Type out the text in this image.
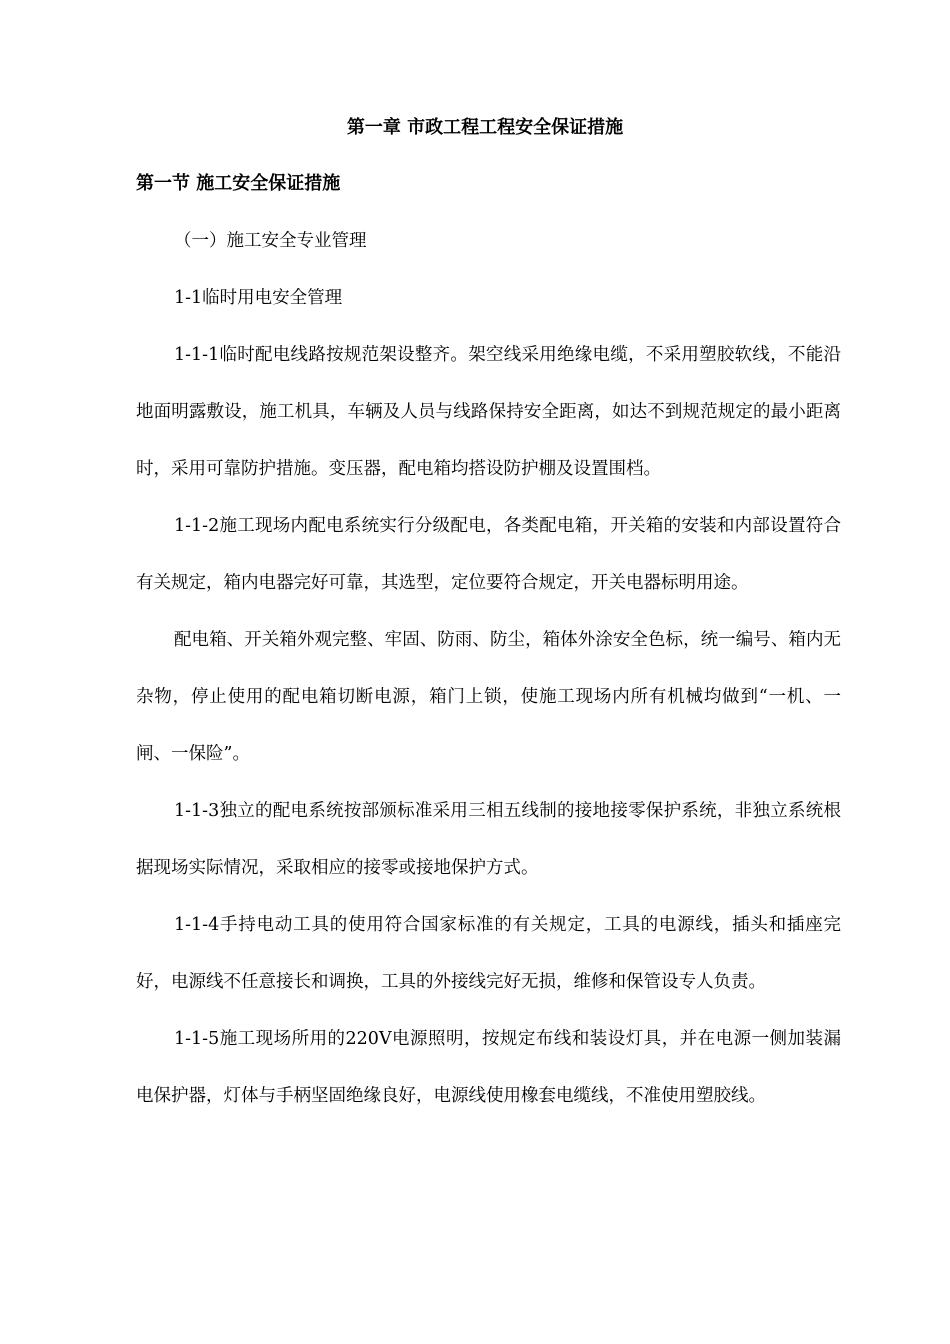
第一章 市政工程工程安全保证措施
第一节 施工安全保证措施

（一）施工安全专业管理

1-1临时用电安全管理

1-1-1临时配电线路按规范架设整齐。架空线采用绝缘电缆，不采用塑胶软线，不能沿地面明露敷设，施工机具，车辆及人员与线路保持安全距离，如达不到规范规定的最小距离时，采用可靠防护措施。变压器，配电箱均搭设防护棚及设置围档。

1-1-2施工现场内配电系统实行分级配电，各类配电箱，开关箱的安装和内部设置符合有关规定，箱内电器完好可靠，其选型，定位要符合规定，开关电器标明用途。

配电箱、开关箱外观完整、牢固、防雨、防尘，箱体外涂安全色标，统一编号、箱内无杂物，停止使用的配电箱切断电源，箱门上锁，使施工现场内所有机械均做到“一机、一闸、一保险”。

1-1-3独立的配电系统按部颁标准采用三相五线制的接地接零保护系统，非独立系统根据现场实际情况，采取相应的接零或接地保护方式。

1-1-4手持电动工具的使用符合国家标准的有关规定，工具的电源线，插头和插座完好，电源线不任意接长和调换，工具的外接线完好无损，维修和保管设专人负责。

1-1-5施工现场所用的220V电源照明，按规定布线和装设灯具，并在电源一侧加装漏电保护器，灯体与手柄坚固绝缘良好，电源线使用橡套电缆线，不准使用塑胶线。
